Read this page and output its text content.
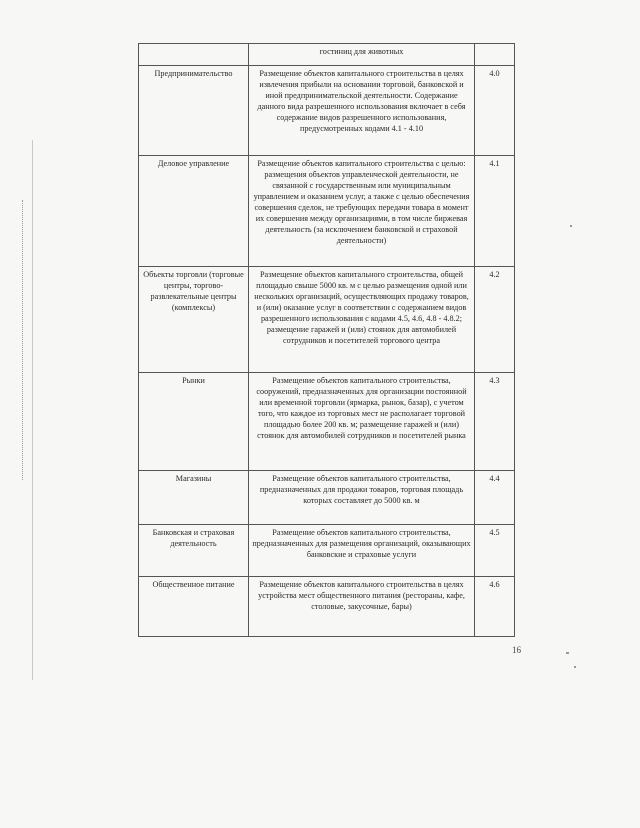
	гостиниц для животных	
Предпринимательство	Размещение объектов капитального строительства в целях извлечения прибыли на основании торговой, банковской и иной предпринимательской деятельности. Содержание данного вида разрешенного использования включает в себя содержание видов разрешенного использования, предусмотренных кодами 4.1 - 4.10	4.0
Деловое управление	Размещение объектов капитального строительства с целью: размещения объектов управленческой деятельности, не связанной с государственным или муниципальным управлением и оказанием услуг, а также с целью обеспечения совершения сделок, не требующих передачи товара в момент их совершения между организациями, в том числе биржевая деятельность (за исключением банковской и страховой деятельности)	4.1
Объекты торговли (торговые центры, торгово-развлекательные центры (комплексы)	Размещение объектов капитального строительства, общей площадью свыше 5000 кв. м с целью размещения одной или нескольких организаций, осуществляющих продажу товаров, и (или) оказание услуг в соответствии с содержанием видов разрешенного использования с кодами 4.5, 4.6, 4.8 - 4.8.2; размещение гаражей и (или) стоянок для автомобилей сотрудников и посетителей торгового центра	4.2
Рынки	Размещение объектов капитального строительства, сооружений, предназначенных для организации постоянной или временной торговли (ярмарка, рынок, базар), с учетом того, что каждое из торговых мест не располагает торговой площадью более 200 кв. м; размещение гаражей и (или) стоянок для автомобилей сотрудников и посетителей рынка	4.3
Магазины	Размещение объектов капитального строительства, предназначенных для продажи товаров, торговая площадь которых составляет до 5000 кв. м	4.4
Банковская и страховая деятельность	Размещение объектов капитального строительства, предназначенных для размещения организаций, оказывающих банковские и страховые услуги	4.5
Общественное питание	Размещение объектов капитального строительства в целях устройства мест общественного питания (рестораны, кафе, столовые, закусочные, бары)	4.6
16
